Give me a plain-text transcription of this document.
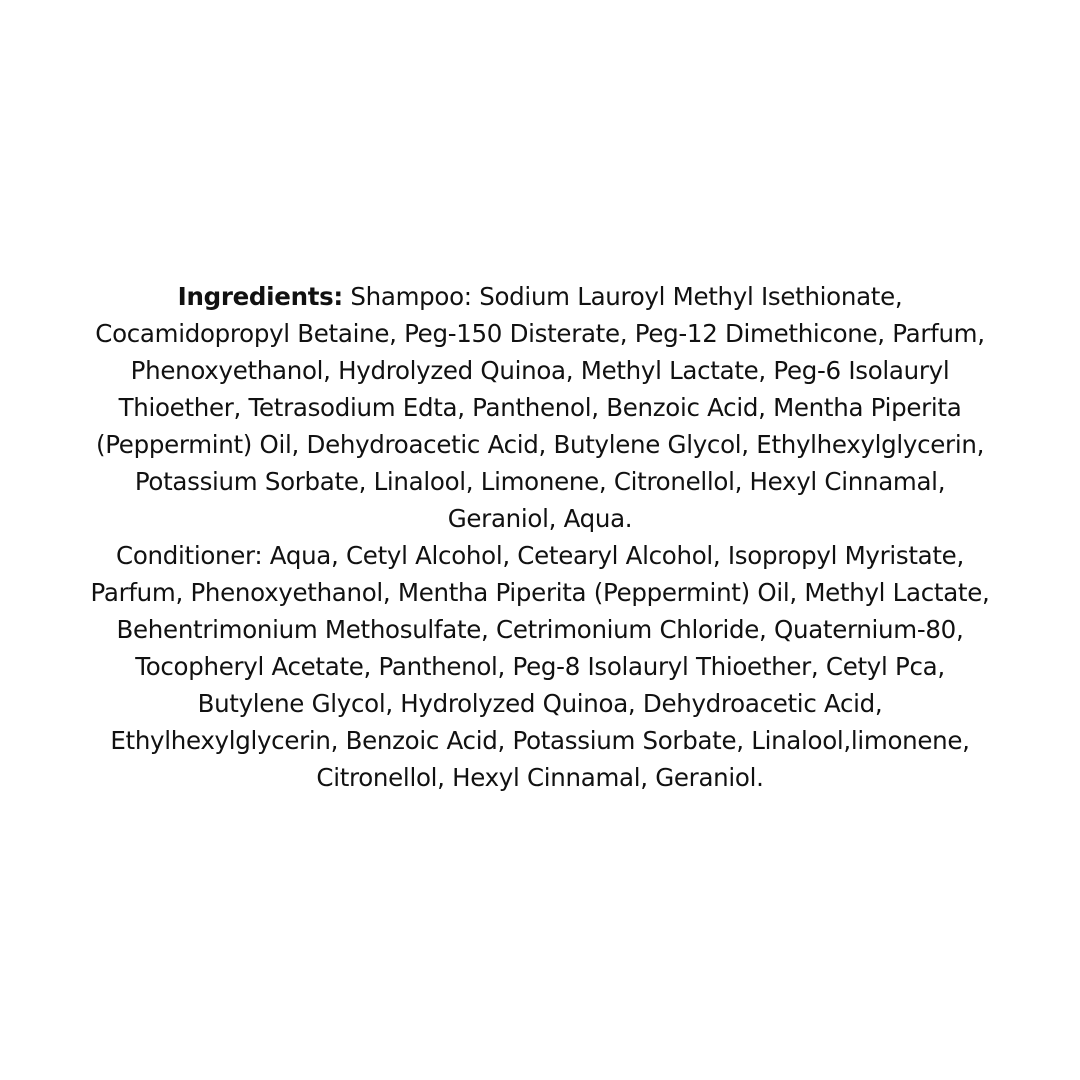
Ingredients: Shampoo: Sodium Lauroyl Methyl Isethionate, Cocamidopropyl Betaine, Peg-150 Disterate, Peg-12 Dimethicone, Parfum, Phenoxyethanol, Hydrolyzed Quinoa, Methyl Lactate, Peg-6 Isolauryl Thioether, Tetrasodium Edta, Panthenol, Benzoic Acid, Mentha Piperita (Peppermint) Oil, Dehydroacetic Acid, Butylene Glycol, Ethylhexylglycerin, Potassium Sorbate, Linalool, Limonene, Citronellol, Hexyl Cinnamal, Geraniol, Aqua.

Conditioner: Aqua, Cetyl Alcohol, Cetearyl Alcohol, Isopropyl Myristate, Parfum, Phenoxyethanol, Mentha Piperita (Peppermint) Oil, Methyl Lactate, Behentrimonium Methosulfate, Cetrimonium Chloride, Quaternium-80, Tocopheryl Acetate, Panthenol, Peg-8 Isolauryl Thioether, Cetyl Pca, Butylene Glycol, Hydrolyzed Quinoa, Dehydroacetic Acid, Ethylhexylglycerin, Benzoic Acid, Potassium Sorbate, Linalool,limonene, Citronellol, Hexyl Cinnamal, Geraniol.
